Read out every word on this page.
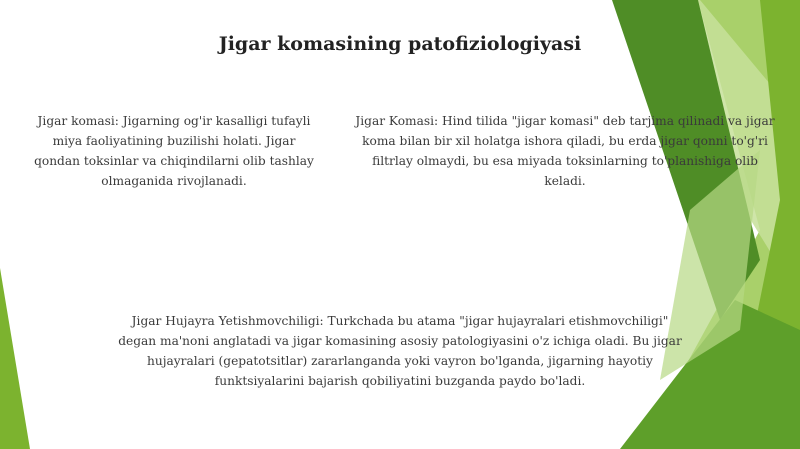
Jigar komasining patofiziologiyasi

Jigar komasi: Jigarning og'ir kasalligi tufayli miya faoliyatining buzilishi holati. Jigar qondan toksinlar va chiqindilarni olib tashlay olmaganida rivojlanadi.

Jigar Komasi: Hind tilida "jigar komasi" deb tarjima qilinadi va jigar koma bilan bir xil holatga ishora qiladi, bu erda jigar qonni to'g'ri filtrlay olmaydi, bu esa miyada toksinlarning to'planishiga olib keladi.

Jigar Hujayra Yetishmovchiligi: Turkchada bu atama "jigar hujayralari etishmovchiligi" degan ma'noni anglatadi va jigar komasining asosiy patologiyasini o'z ichiga oladi. Bu jigar hujayralari (gepatotsitlar) zararlanganda yoki vayron bo'lganda, jigarning hayotiy funktsiyalarini bajarish qobiliyatini buzganda paydo bo'ladi.
